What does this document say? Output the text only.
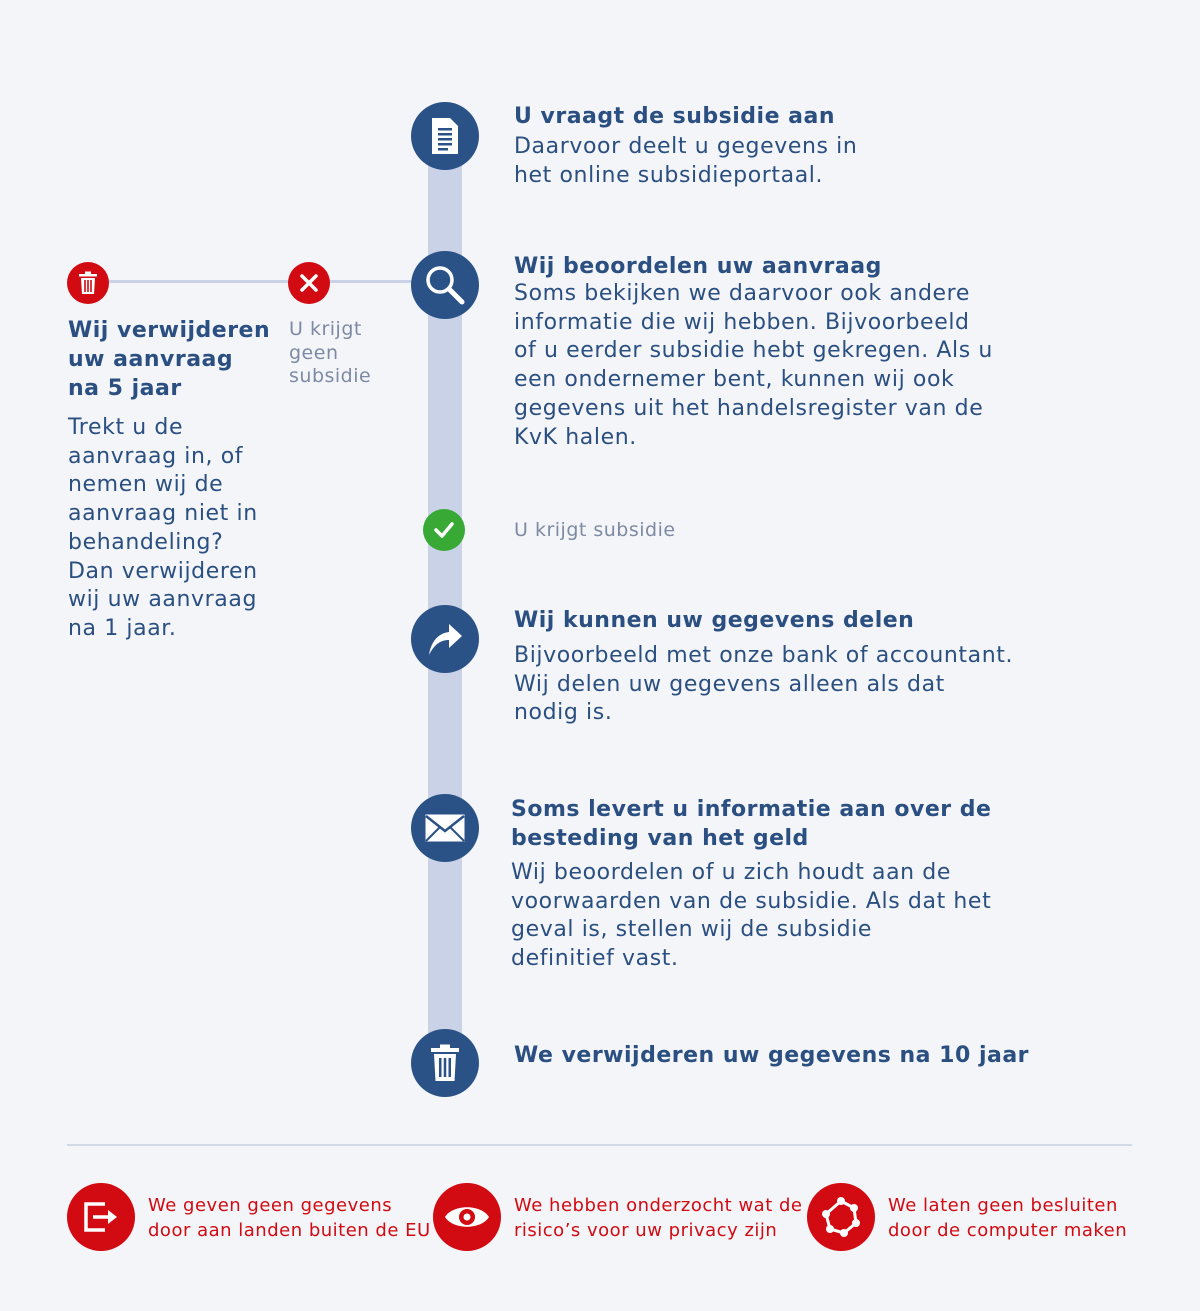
U vraagt de subsidie aan
Daarvoor deelt u gegevens in
het online subsidieportaal.
Wij beoordelen uw aanvraag
Soms bekijken we daarvoor ook andere
informatie die wij hebben. Bijvoorbeeld
of u eerder subsidie hebt gekregen. Als u
een ondernemer bent, kunnen wij ook
gegevens uit het handelsregister van de
KvK halen.
U krijgt
geen
subsidie
Wij verwijderen
uw aanvraag
na 5 jaar
Trekt u de
aanvraag in, of
nemen wij de
aanvraag niet in
behandeling?
Dan verwijderen
wij uw aanvraag
na 1 jaar.
U krijgt subsidie
Wij kunnen uw gegevens delen
Bijvoorbeeld met onze bank of accountant.
Wij delen uw gegevens alleen als dat
nodig is.
Soms levert u informatie aan over de
besteding van het geld
Wij beoordelen of u zich houdt aan de
voorwaarden van de subsidie. Als dat het
geval is, stellen wij de subsidie
definitief vast.
We verwijderen uw gegevens na 10 jaar
We geven geen gegevens
door aan landen buiten de EU
We hebben onderzocht wat de
risico’s voor uw privacy zijn
We laten geen besluiten
door de computer maken
